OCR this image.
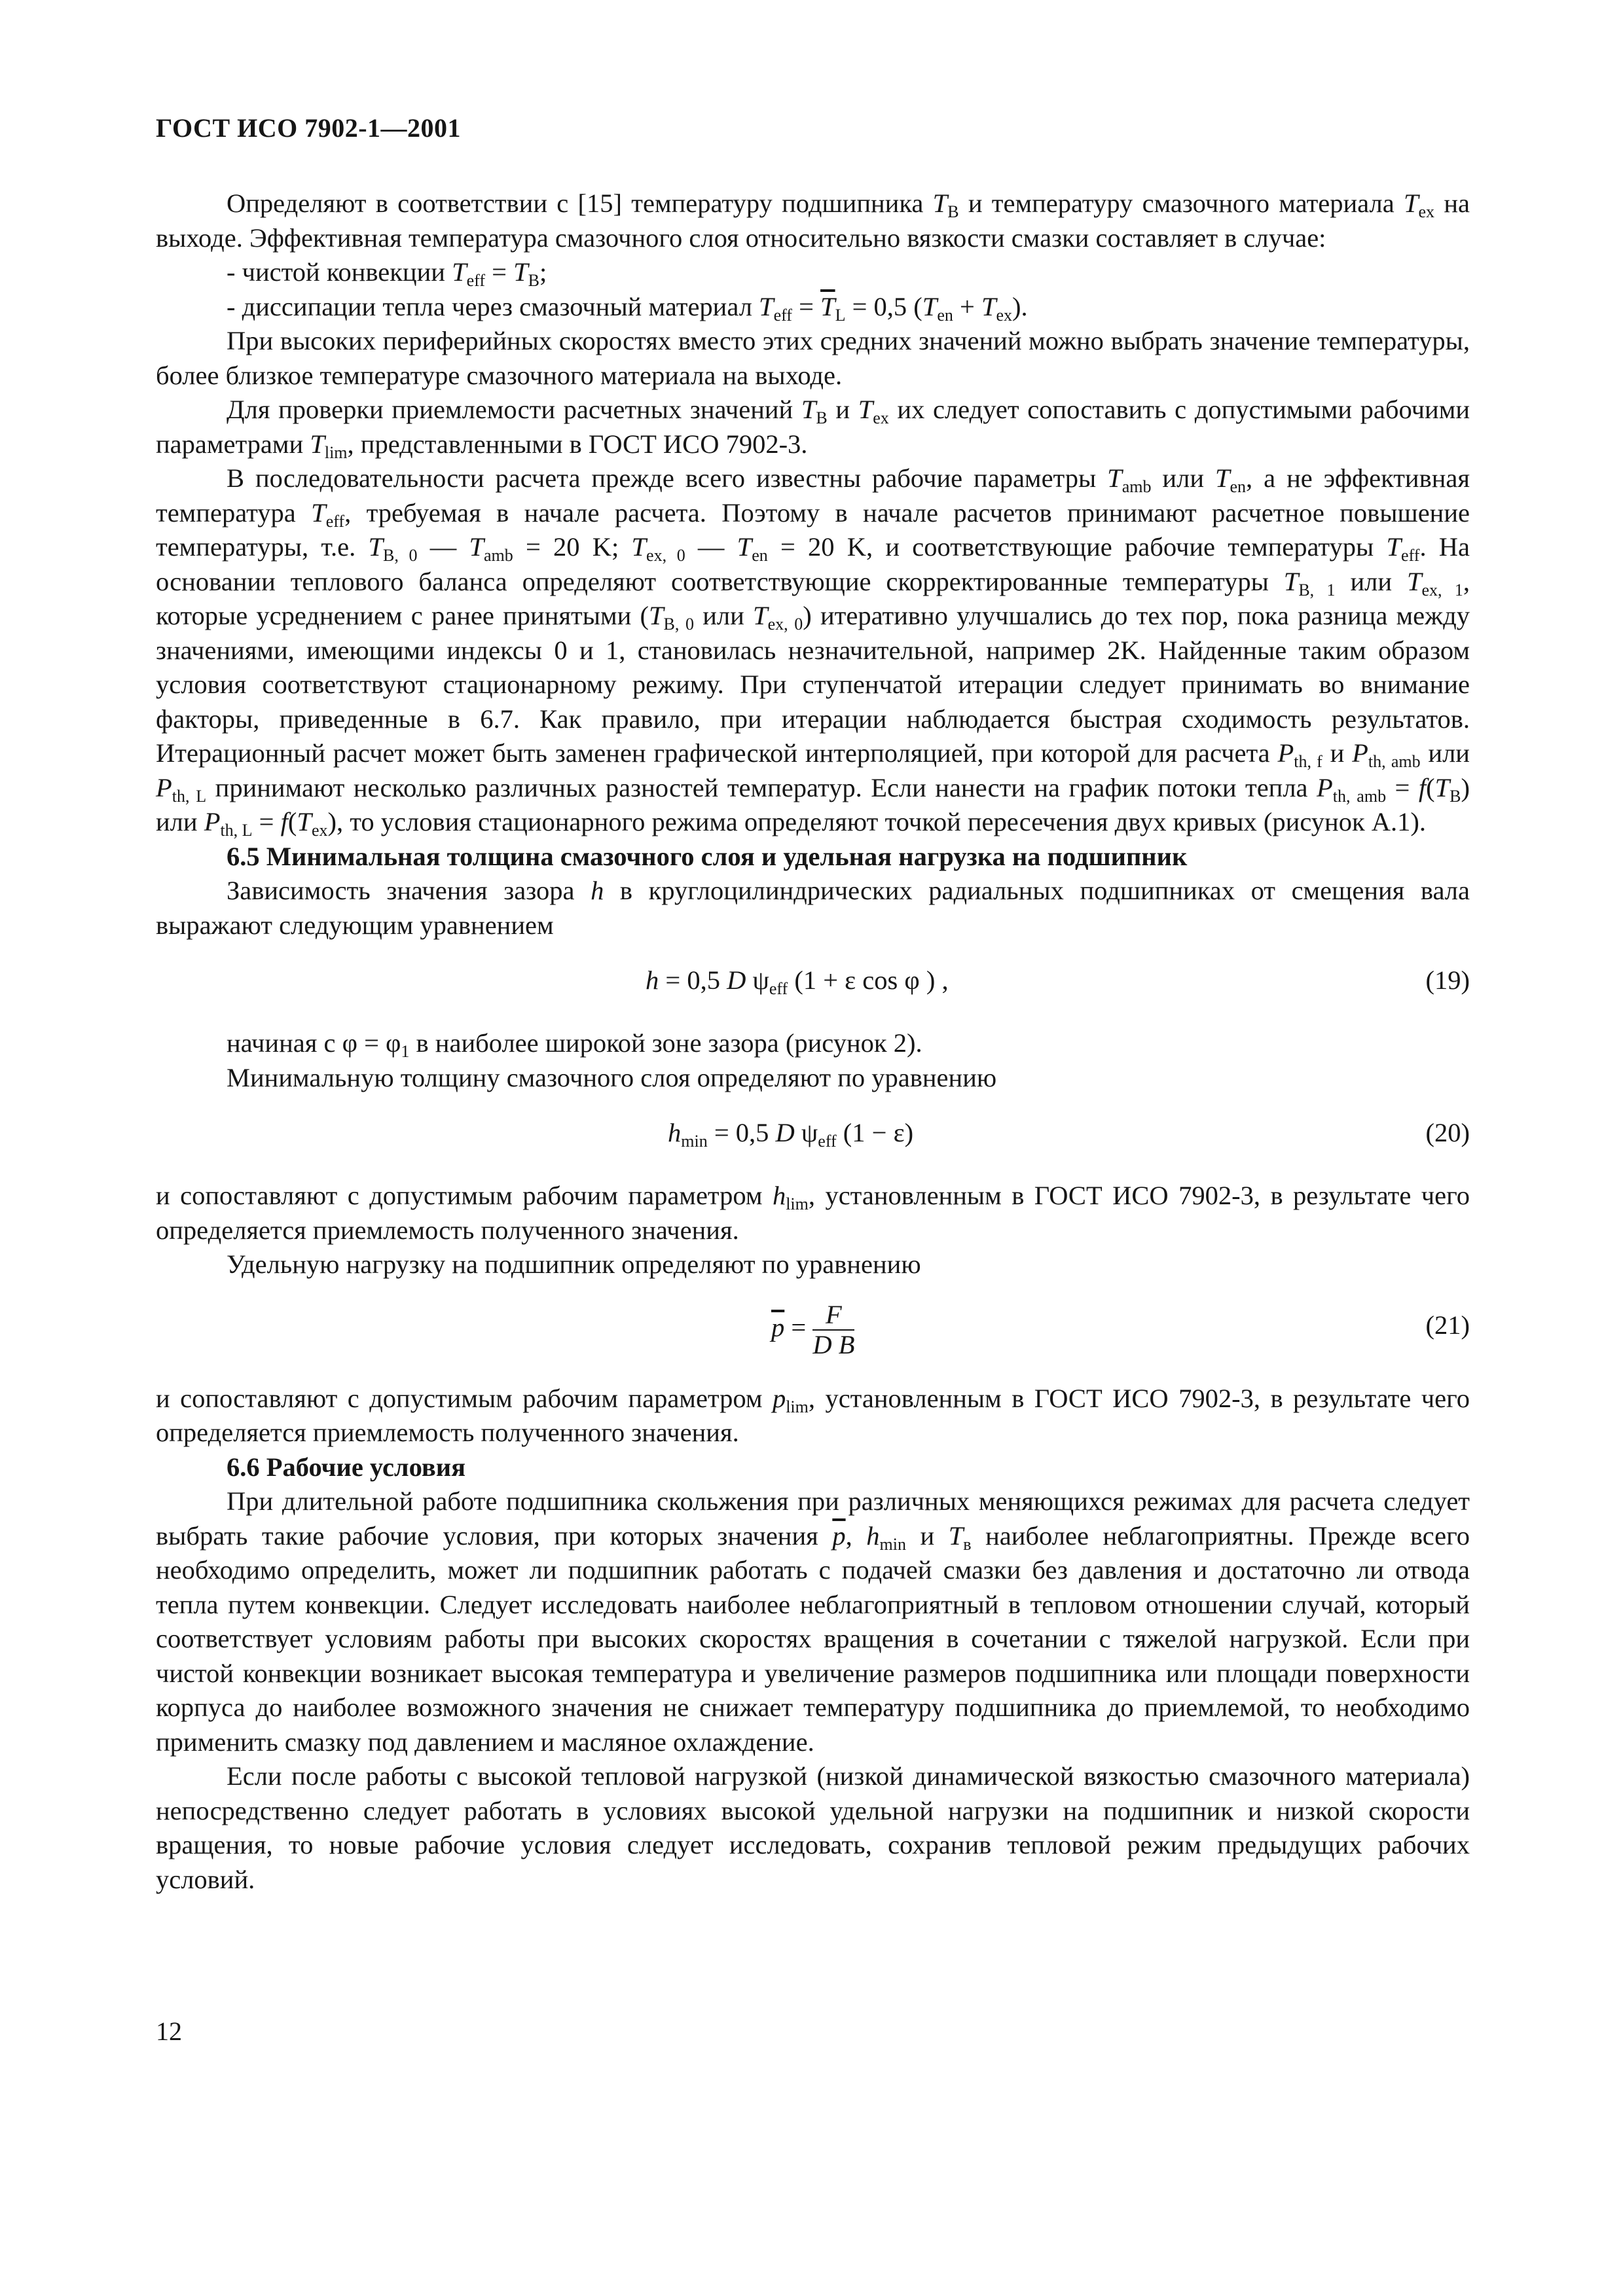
ГОСТ ИСО 7902-1—2001

Определяют в соответствии с [15] температуру подшипника $T_B$ и температуру смазочного материала $T_{ex}$ на выходе. Эффективная температура смазочного слоя относительно вязкости смазки составляет в случае:

- чистой конвекции $T_{eff} = T_B$;

- диссипации тепла через смазочный материал $T_{eff} = \overline{T}_L = 0,5$ $(T_{en} + T_{ex})$.

При высоких периферийных скоростях вместо этих средних значений можно выбрать значение температуры, более близкое температуре смазочного материала на выходе.

Для проверки приемлемости расчетных значений $T_B$ и $T_{ex}$ их следует сопоставить с допустимыми рабочими параметрами $T_{lim}$, представленными в ГОСТ ИСО 7902-3.

В последовательности расчета прежде всего известны рабочие параметры $T_{amb}$ или $T_{en}$, а не эффективная температура $T_{eff}$, требуемая в начале расчета. Поэтому в начале расчетов принимают расчетное повышение температуры, т.е. $T_{B, 0}$ — $T_{amb} = 20$ K; $T_{ex, 0}$ — $T_{en} = 20$ K, и соответствующие рабочие температуры $T_{eff}$. На основании теплового баланса определяют соответствующие скорректированные температуры $T_{B, 1}$ или $T_{ex, 1}$, которые усреднением с ранее принятыми ($T_{B, 0}$ или $T_{ex, 0}$) итеративно улучшались до тех пор, пока разница между значениями, имеющими индексы 0 и 1, становилась незначительной, например 2K. Найденные таким образом условия соответствуют стационарному режиму. При ступенчатой итерации следует принимать во внимание факторы, приведенные в 6.7. Как правило, при итерации наблюдается быстрая сходимость результатов. Итерационный расчет может быть заменен графической интерполяцией, при которой для расчета $P_{th, f}$ и $P_{th, amb}$ или $P_{th, L}$ принимают несколько различных разностей температур. Если нанести на график потоки тепла $P_{th, amb} = f(T_B)$ или $P_{th, L} = f(T_{ex})$, то условия стационарного режима определяют точкой пересечения двух кривых (рисунок А.1).

6.5 Минимальная толщина смазочного слоя и удельная нагрузка на подшипник

Зависимость значения зазора h в круглоцилиндрических радиальных подшипниках от смещения вала выражают следующим уравнением

h = 0,5 D $\psi_{eff}$ (1 + ε cos φ ) ,	(19)

начиная с $\varphi = \varphi_1$ в наиболее широкой зоне зазора (рисунок 2).

Минимальную толщину смазочного слоя определяют по уравнению

$h_{min} = 0,5$ D $\psi_{eff}$ (1 − ε)	(20)

и сопоставляют с допустимым рабочим параметром $h_{lim}$, установленным в ГОСТ ИСО 7902-3, в результате чего определяется приемлемость полученного значения.

Удельную нагрузку на подшипник определяют по уравнению

$\overline{p} = \frac{F}{\text{D B}}$	(21)

и сопоставляют с допустимым рабочим параметром $p_{lim}$, установленным в ГОСТ ИСО 7902-3, в результате чего определяется приемлемость полученного значения.

6.6 Рабочие условия

При длительной работе подшипника скольжения при различных меняющихся режимах для расчета следует выбрать такие рабочие условия, при которых значения $\overline{p}$, $h_{min}$ и $T_в$ наиболее неблагоприятны. Прежде всего необходимо определить, может ли подшипник работать с подачей смазки без давления и достаточно ли отвода тепла путем конвекции. Следует исследовать наиболее неблагоприятный в тепловом отношении случай, который соответствует условиям работы при высоких скоростях вращения в сочетании с тяжелой нагрузкой. Если при чистой конвекции возникает высокая температура и увеличение размеров подшипника или площади поверхности корпуса до наиболее возможного значения не снижает температуру подшипника до приемлемой, то необходимо применить смазку под давлением и масляное охлаждение.

Если после работы с высокой тепловой нагрузкой (низкой динамической вязкостью смазочного материала) непосредственно следует работать в условиях высокой удельной нагрузки на подшипник и низкой скорости вращения, то новые рабочие условия следует исследовать, сохранив тепловой режим предыдущих рабочих условий.

12
